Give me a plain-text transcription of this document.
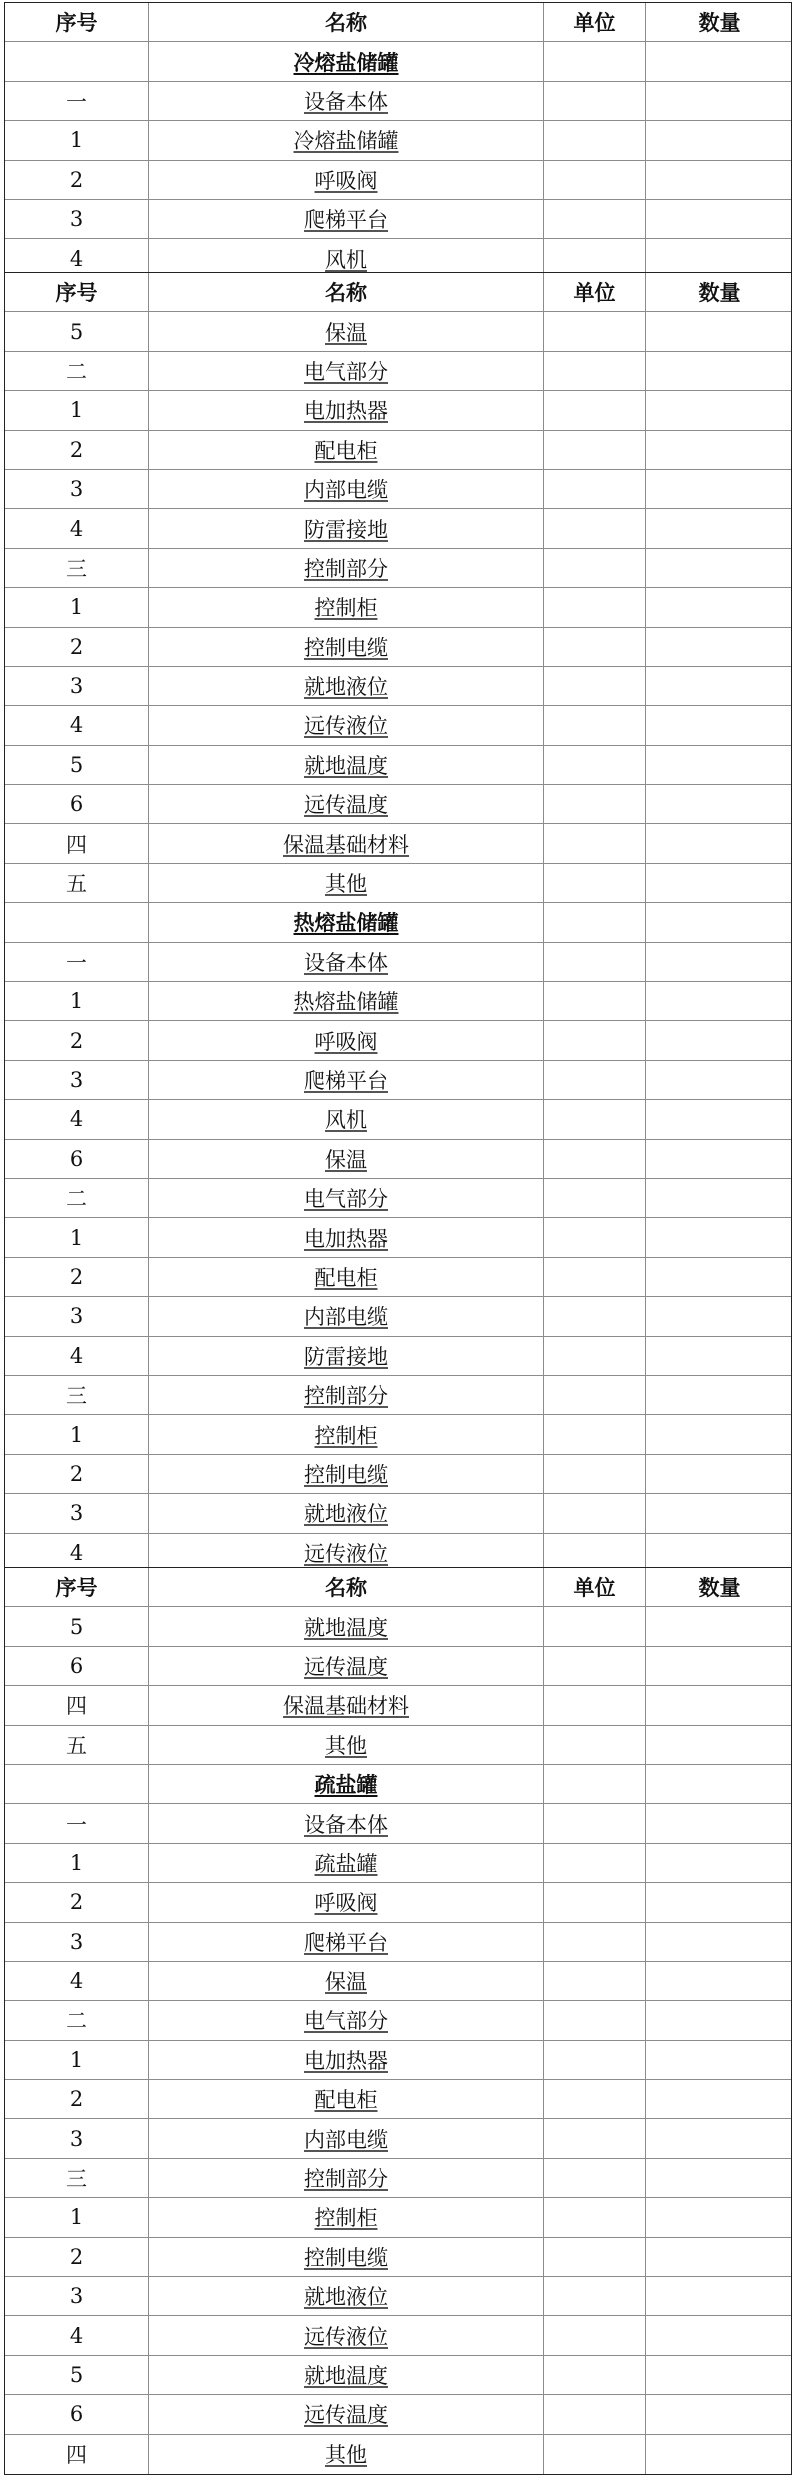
序号	名称	单位	数量
冷熔盐储罐
一	设备本体
1	冷熔盐储罐
2	呼吸阀
3	爬梯平台
4	风机
序号	名称	单位	数量
5	保温
二	电气部分
1	电加热器
2	配电柜
3	内部电缆
4	防雷接地
三	控制部分
1	控制柜
2	控制电缆
3	就地液位
4	远传液位
5	就地温度
6	远传温度
四	保温基础材料
五	其他
热熔盐储罐
一	设备本体
1	热熔盐储罐
2	呼吸阀
3	爬梯平台
4	风机
6	保温
二	电气部分
1	电加热器
2	配电柜
3	内部电缆
4	防雷接地
三	控制部分
1	控制柜
2	控制电缆
3	就地液位
4	远传液位
序号	名称	单位	数量
5	就地温度
6	远传温度
四	保温基础材料
五	其他
疏盐罐
一	设备本体
1	疏盐罐
2	呼吸阀
3	爬梯平台
4	保温
二	电气部分
1	电加热器
2	配电柜
3	内部电缆
三	控制部分
1	控制柜
2	控制电缆
3	就地液位
4	远传液位
5	就地温度
6	远传温度
四	其他
